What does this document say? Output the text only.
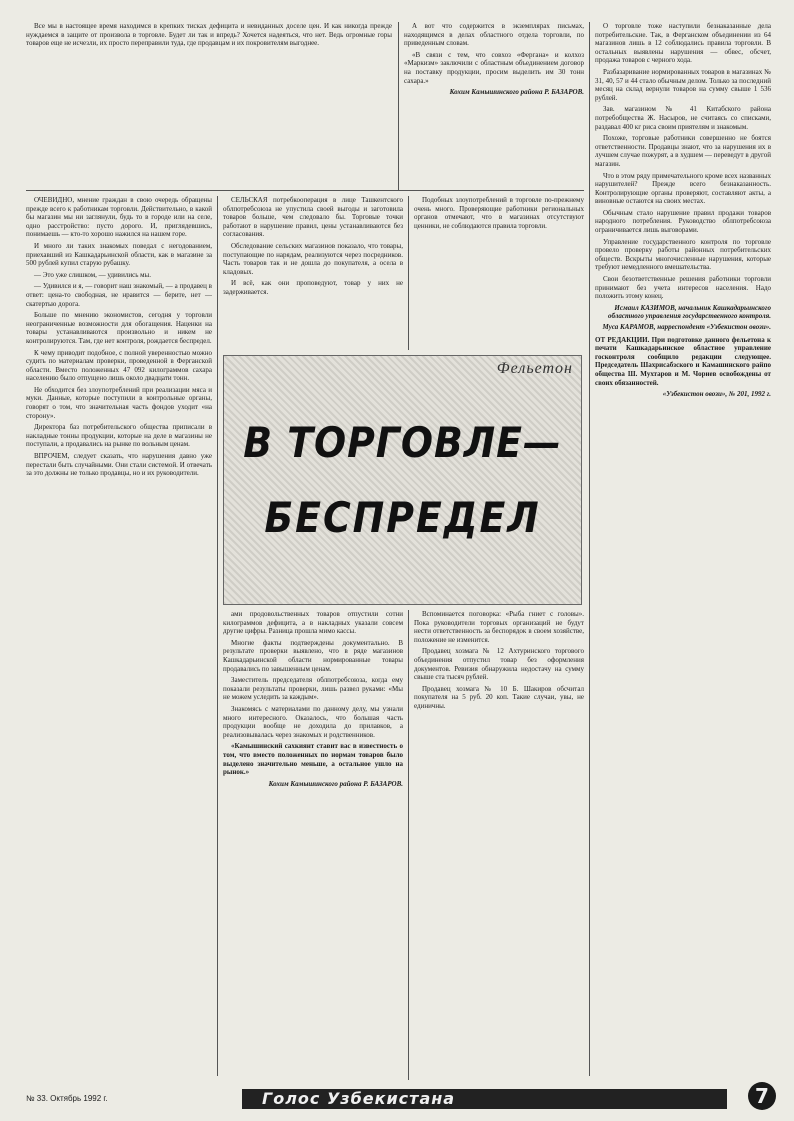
Все мы в настоящее время находимся в крепких тисках дефицита и невиданных доселе цен. И как никогда прежде нуждаемся в защите от произвола в торговле. Будет ли так и впредь? Хочется надеяться, что нет. Ведь огромные горы товаров еще не исчезли, их просто переправили туда, где продавцам и их покровителям выгоднее.

А вот что содержится в экземплярах письмах, находящимся в делах областного отдела торговли, по приведенным словам.

«В связи с тем, что совхоз «Фергана» и колхоз «Маркизм» заключили с областным объединением договор на поставку продукции, просим выделить им 30 тонн сахара.»

Кохим Камышинского района Р. БАЗАРОВ.

ОЧЕВИДНО, мнение граждан в свою очередь обращены прежде всего к работникам торговли. Действительно, в какой бы магазин мы ни заглянули, будь то в городе или на селе, одно расстройство: пусто дорого. И, приглядевшись, понимаешь — кто-то хорошо нажился на нашем горе.

И много ли таких знакомых поведал с негодованием, приехавший из Кашкадарьинской области, как в магазине за 500 рублей купил старую рубашку.

— Это уже слишком, — удивились мы.

— Удивился и я, — говорит наш знакомый, — а продавец в ответ: цена-то свободная, не нравится — берите, нет — скатертью дорога.

Больше по мнению экономистов, сегодня у торговли неограниченные возможности для обогащения. Наценки на товары устанавливаются произвольно и никем не контролируются. Там, где нет контроля, рождается беспредел.

К чему приводит подобное, с полной уверенностью можно судить по материалам проверки, проведенной в Ферганской области. Вместо положенных 47 092 килограммов сахара населению было отпущено лишь около двадцати тонн.

Не обходится без злоупотреблений при реализации мяса и муки. Данные, которые поступили в контрольные органы, говорят о том, что значительная часть фондов уходит «на сторону».

Директора баз потребительского общества приписали в накладные тонны продукции, которые на деле в магазины не поступали, а продавались на рынке по вольным ценам.

ВПРОЧЕМ, следует сказать, что нарушения давно уже перестали быть случайными. Они стали системой. И отвечать за это должны не только продавцы, но и их руководители.

СЕЛЬСКАЯ потребкооперация в лице Ташкентского облпотребсоюза не упустила своей выгоды и заготовила товаров больше, чем следовало бы. Торговые точки работают в нарушение правил, цены устанавливаются без согласования.

Обследование сельских магазинов показало, что товары, поступающие по нарядам, реализуются через посредников. Часть товаров так и не дошла до покупателя, а осела в кладовых.

И всё, как они проповедуют, товар у них не задерживается.

Подобных злоупотреблений в торговле по-прежнему очень много. Проверяющие работники региональных органов отмечают, что в магазинах отсутствуют ценники, не соблюдаются правила торговли.

Фельетон
В ТОРГОВЛЕ—
БЕСПРЕДЕЛ

ами продовольственных товаров отпустили сотни килограммов дефицита, а в накладных указали совсем другие цифры. Разница прошла мимо кассы.

Многие факты подтверждены документально. В результате проверки выявлено, что в ряде магазинов Кашкадарьинской области нормированные товары продавались по завышенным ценам.

Заместитель председателя облпотребсоюза, когда ему показали результаты проверки, лишь развел руками: «Мы не можем уследить за каждым».

Знакомясь с материалами по данному делу, мы узнали много интересного. Оказалось, что большая часть продукции вообще не доходила до прилавков, а реализовывалась через знакомых и родственников.

«Камышинский сахкиянт ставит вас в известность о том, что вместо положенных по нормам товаров было выделено значительно меньше, а остальное ушло на рынок.»

Кохим Камышинского района Р. БАЗАРОВ.

Вспоминается поговорка: «Рыба гниет с головы». Пока руководители торговых организаций не будут нести ответственность за беспорядок в своем хозяйстве, положение не изменится.

Продавец хозмага № 12 Ахтуринского торгового объединения отпустил товар без оформления документов. Ревизия обнаружила недостачу на сумму свыше ста тысяч рублей.

Продавец хозмага № 10 Б. Шакиров обсчитал покупателя на 5 руб. 20 коп. Такие случаи, увы, не единичны.

О торговле тоже наступили безнаказанные дела потребительские. Так, в Ферганском объединении из 64 магазинов лишь в 12 соблюдались правила торговли. В остальных выявлены нарушения — обвес, обсчет, продажа товаров с черного хода.

Разбазаривание нормированных товаров в магазинах № 31, 40, 57 и 44 стало обычным делом. Только за последний месяц на склад вернули товаров на сумму свыше 1 536 рублей.

Зав. магазином № 41 Китабского района потребобщества Ж. Насыров, не считаясь со списками, раздавал 400 кг риса своим приятелям и знакомым.

Похоже, торговые работники совершенно не боятся ответственности. Продавцы знают, что за нарушения их в лучшем случае пожурят, а в худшем — переведут в другой магазин.

Что в этом ряду примечательного кроме всех названных нарушителей? Прежде всего безнаказанность. Контролирующие органы проверяют, составляют акты, а виновные остаются на своих местах.

Обычным стало нарушение правил продажи товаров народного потребления. Руководство облпотребсоюза ограничивается лишь выговорами.

Управление государственного контроля по торговле провело проверку работы районных потребительских обществ. Вскрыты многочисленные нарушения, которые требуют немедленного вмешательства.

Свои безответственные решения работники торговли принимают без учета интересов населения. Надо положить этому конец.

Исмаил КАЗИМОВ, начальник Кашкадарьинского областного управления государственного контроля.
Муса КАРАМОВ, нарреспондент «Узбекистон овози».

ОТ РЕДАКЦИИ. При подготовке данного фельетона к печати Кашкадарьинское областное управление госконтроля сообщило редакции следующее. Председатель Шахрисабзского и Камашинского райпо общества Ш. Мухтаров и М. Чориев освобождены от своих обязанностей.

«Узбекистон овози», № 201, 1992 г.
№ 33. Октябрь 1992 г.	Голос Узбекистана	7
